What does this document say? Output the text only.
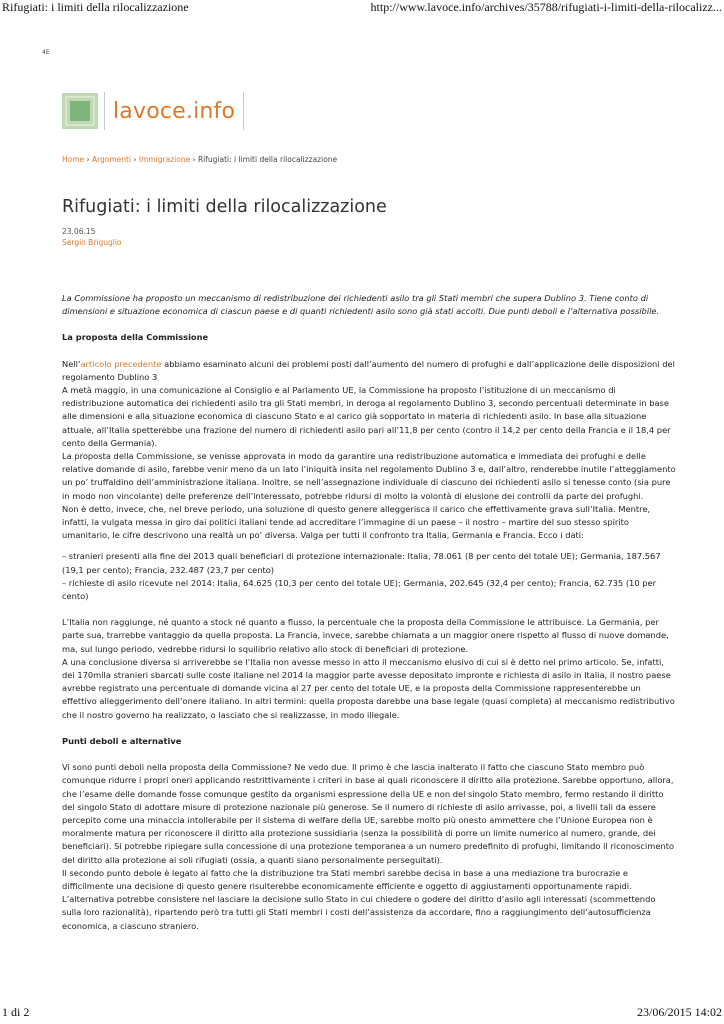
Rifugiati: i limiti della rilocalizzazione	http://www.lavoce.info/archives/35788/rifugiati-i-limiti-della-rilocalizz...
4E
lavoce.info
Home › Argomenti › Immigrazione › Rifugiati: i limiti della rilocalizzazione
Rifugiati: i limiti della rilocalizzazione
23.06.15
Sergio Briguglio

La Commissione ha proposto un meccanismo di redistribuzione dei richiedenti asilo tra gli Stati membri che supera Dublino 3. Tiene conto di dimensioni e situazione economica di ciascun paese e di quanti richiedenti asilo sono già stati accolti. Due punti deboli e l’alternativa possibile.

La proposta della Commissione

Nell’articolo precedente abbiamo esaminato alcuni dei problemi posti dall’aumento del numero di profughi e dall’applicazione delle disposizioni del regolamento Dublino 3

A metà maggio, in una comunicazione al Consiglio e al Parlamento UE, la Commissione ha proposto l’istituzione di un meccanismo di redistribuzione automatica dei richiedenti asilo tra gli Stati membri, in deroga al regolamento Dublino 3, secondo percentuali determinate in base alle dimensioni e alla situazione economica di ciascuno Stato e al carico già sopportato in materia di richiedenti asilo. In base alla situazione attuale, all’Italia spetterebbe una frazione del numero di richiedenti asilo pari all’11,8 per cento (contro il 14,2 per cento della Francia e il 18,4 per cento della Germania).

La proposta della Commissione, se venisse approvata in modo da garantire una redistribuzione automatica e immediata dei profughi e delle relative domande di asilo, farebbe venir meno da un lato l’iniquità insita nel regolamento Dublino 3 e, dall’altro, renderebbe inutile l’atteggiamento un po’ truffaldino dell’amministrazione italiana. Inoltre, se nell’assegnazione individuale di ciascuno dei richiedenti asilo si tenesse conto (sia pure in modo non vincolante) delle preferenze dell’interessato, potrebbe ridursi di molto la volontà di elusione dei controlli da parte dei profughi.

Non è detto, invece, che, nel breve periodo, una soluzione di questo genere alleggerisca il carico che effettivamente grava sull’Italia. Mentre, infatti, la vulgata messa in giro dai politici italiani tende ad accreditare l’immagine di un paese – il nostro – martire del suo stesso spirito umanitario, le cifre descrivono una realtà un po’ diversa. Valga per tutti il confronto tra Italia, Germania e Francia. Ecco i dati:

– stranieri presenti alla fine del 2013 quali beneficiari di protezione internazionale: Italia, 78.061 (8 per cento del totale UE); Germania, 187.567 (19,1 per cento); Francia, 232.487 (23,7 per cento)

– richieste di asilo ricevute nel 2014: Italia, 64.625 (10,3 per cento del totale UE); Germania, 202.645 (32,4 per cento); Francia, 62.735 (10 per cento)

L’Italia non raggiunge, né quanto a stock né quanto a flusso, la percentuale che la proposta della Commissione le attribuisce. La Germania, per parte sua, trarrebbe vantaggio da quella proposta. La Francia, invece, sarebbe chiamata a un maggior onere rispetto al flusso di nuove domande, ma, sul lungo periodo, vedrebbe ridursi lo squilibrio relativo allo stock di beneficiari di protezione.

A una conclusione diversa si arriverebbe se l’Italia non avesse messo in atto il meccanismo elusivo di cui si è detto nel primo articolo. Se, infatti, dei 170mila stranieri sbarcati sulle coste italiane nel 2014 la maggior parte avesse depositato impronte e richiesta di asilo in Italia, il nostro paese avrebbe registrato una percentuale di domande vicina al 27 per cento del totale UE, e la proposta della Commissione rappresenterebbe un effettivo alleggerimento dell’onere italiano. In altri termini: quella proposta darebbe una base legale (quasi completa) al meccanismo redistributivo che il nostro governo ha realizzato, o lasciato che si realizzasse, in modo illegale.

Punti deboli e alternative

Vi sono punti deboli nella proposta della Commissione? Ne vedo due. Il primo è che lascia inalterato il fatto che ciascuno Stato membro può comunque ridurre i propri oneri applicando restrittivamente i criteri in base ai quali riconoscere il diritto alla protezione. Sarebbe opportuno, allora, che l’esame delle domande fosse comunque gestito da organismi espressione della UE e non del singolo Stato membro, fermo restando il diritto del singolo Stato di adottare misure di protezione nazionale più generose. Se il numero di richieste di asilo arrivasse, poi, a livelli tali da essere percepito come una minaccia intollerabile per il sistema di welfare della UE, sarebbe molto più onesto ammettere che l’Unione Europea non è moralmente matura per riconoscere il diritto alla protezione sussidiaria (senza la possibilità di porre un limite numerico al numero, grande, dei beneficiari). Si potrebbe ripiegare sulla concessione di una protezione temporanea a un numero predefinito di profughi, limitando il riconoscimento del diritto alla protezione ai soli rifugiati (ossia, a quanti siano personalmente perseguitati).

Il secondo punto debole è legato al fatto che la distribuzione tra Stati membri sarebbe decisa in base a una mediazione tra burocrazie e difficilmente una decisione di questo genere risulterebbe economicamente efficiente e oggetto di aggiustamenti opportunamente rapidi.

L’alternativa potrebbe consistere nel lasciare la decisione sullo Stato in cui chiedere o godere del diritto d’asilo agli interessati (scommettendo sulla loro razionalità), ripartendo però tra tutti gli Stati membri i costi dell’assistenza da accordare, fino a raggiungimento dell’autosufficienza economica, a ciascuno straniero.

1 di 2	23/06/2015 14:02
